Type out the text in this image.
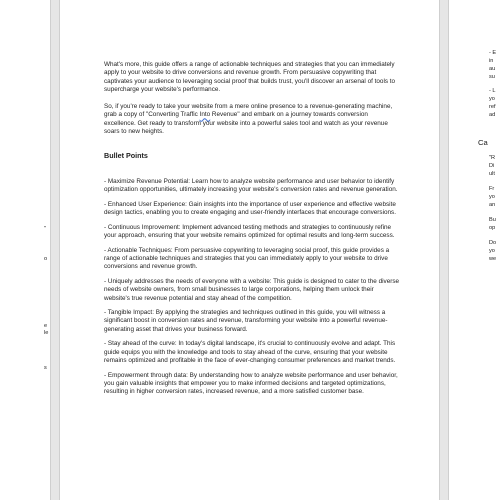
o
e
le
s
"

What's more, this guide offers a range of actionable techniques and strategies that you can immediately apply to your website to drive conversions and revenue growth. From persuasive copywriting that captivates your audience to leveraging social proof that builds trust, you'll discover an arsenal of tools to supercharge your website's performance.

So, if you're ready to take your website from a mere online presence to a revenue-generating machine, grab a copy of "Converting Traffic Into Revenue" and embark on a journey towards conversion excellence. Get ready to transform your website into a powerful sales tool and watch as your revenue soars to new heights.

Bullet Points

- Maximize Revenue Potential: Learn how to analyze website performance and user behavior to identify optimization opportunities, ultimately increasing your website's conversion rates and revenue generation.

- Enhanced User Experience: Gain insights into the importance of user experience and effective website design tactics, enabling you to create engaging and user-friendly interfaces that encourage conversions.

- Continuous Improvement: Implement advanced testing methods and strategies to continuously refine your approach, ensuring that your website remains optimized for optimal results and long-term success.

- Actionable Techniques: From persuasive copywriting to leveraging social proof, this guide provides a range of actionable techniques and strategies that you can immediately apply to your website to drive conversions and revenue growth.

- Uniquely addresses the needs of everyone with a website: This guide is designed to cater to the diverse needs of website owners, from small businesses to large corporations, helping them unlock their website's true revenue potential and stay ahead of the competition.

- Tangible Impact: By applying the strategies and techniques outlined in this guide, you will witness a significant boost in conversion rates and revenue, transforming your website into a powerful revenue-generating asset that drives your business forward.

- Stay ahead of the curve: In today's digital landscape, it's crucial to continuously evolve and adapt. This guide equips you with the knowledge and tools to stay ahead of the curve, ensuring that your website remains optimized and profitable in the face of ever-changing consumer preferences and market trends.

- Empowerment through data: By understanding how to analyze website performance and user behavior, you gain valuable insights that empower you to make informed decisions and targeted optimizations, resulting in higher conversion rates, increased revenue, and a more satisfied customer base.

- E
in
au
su
- L
yo
ref
ad
Ca
"R
Di
ult
Fr
yo
an
Bu
op
Do
yo
we
